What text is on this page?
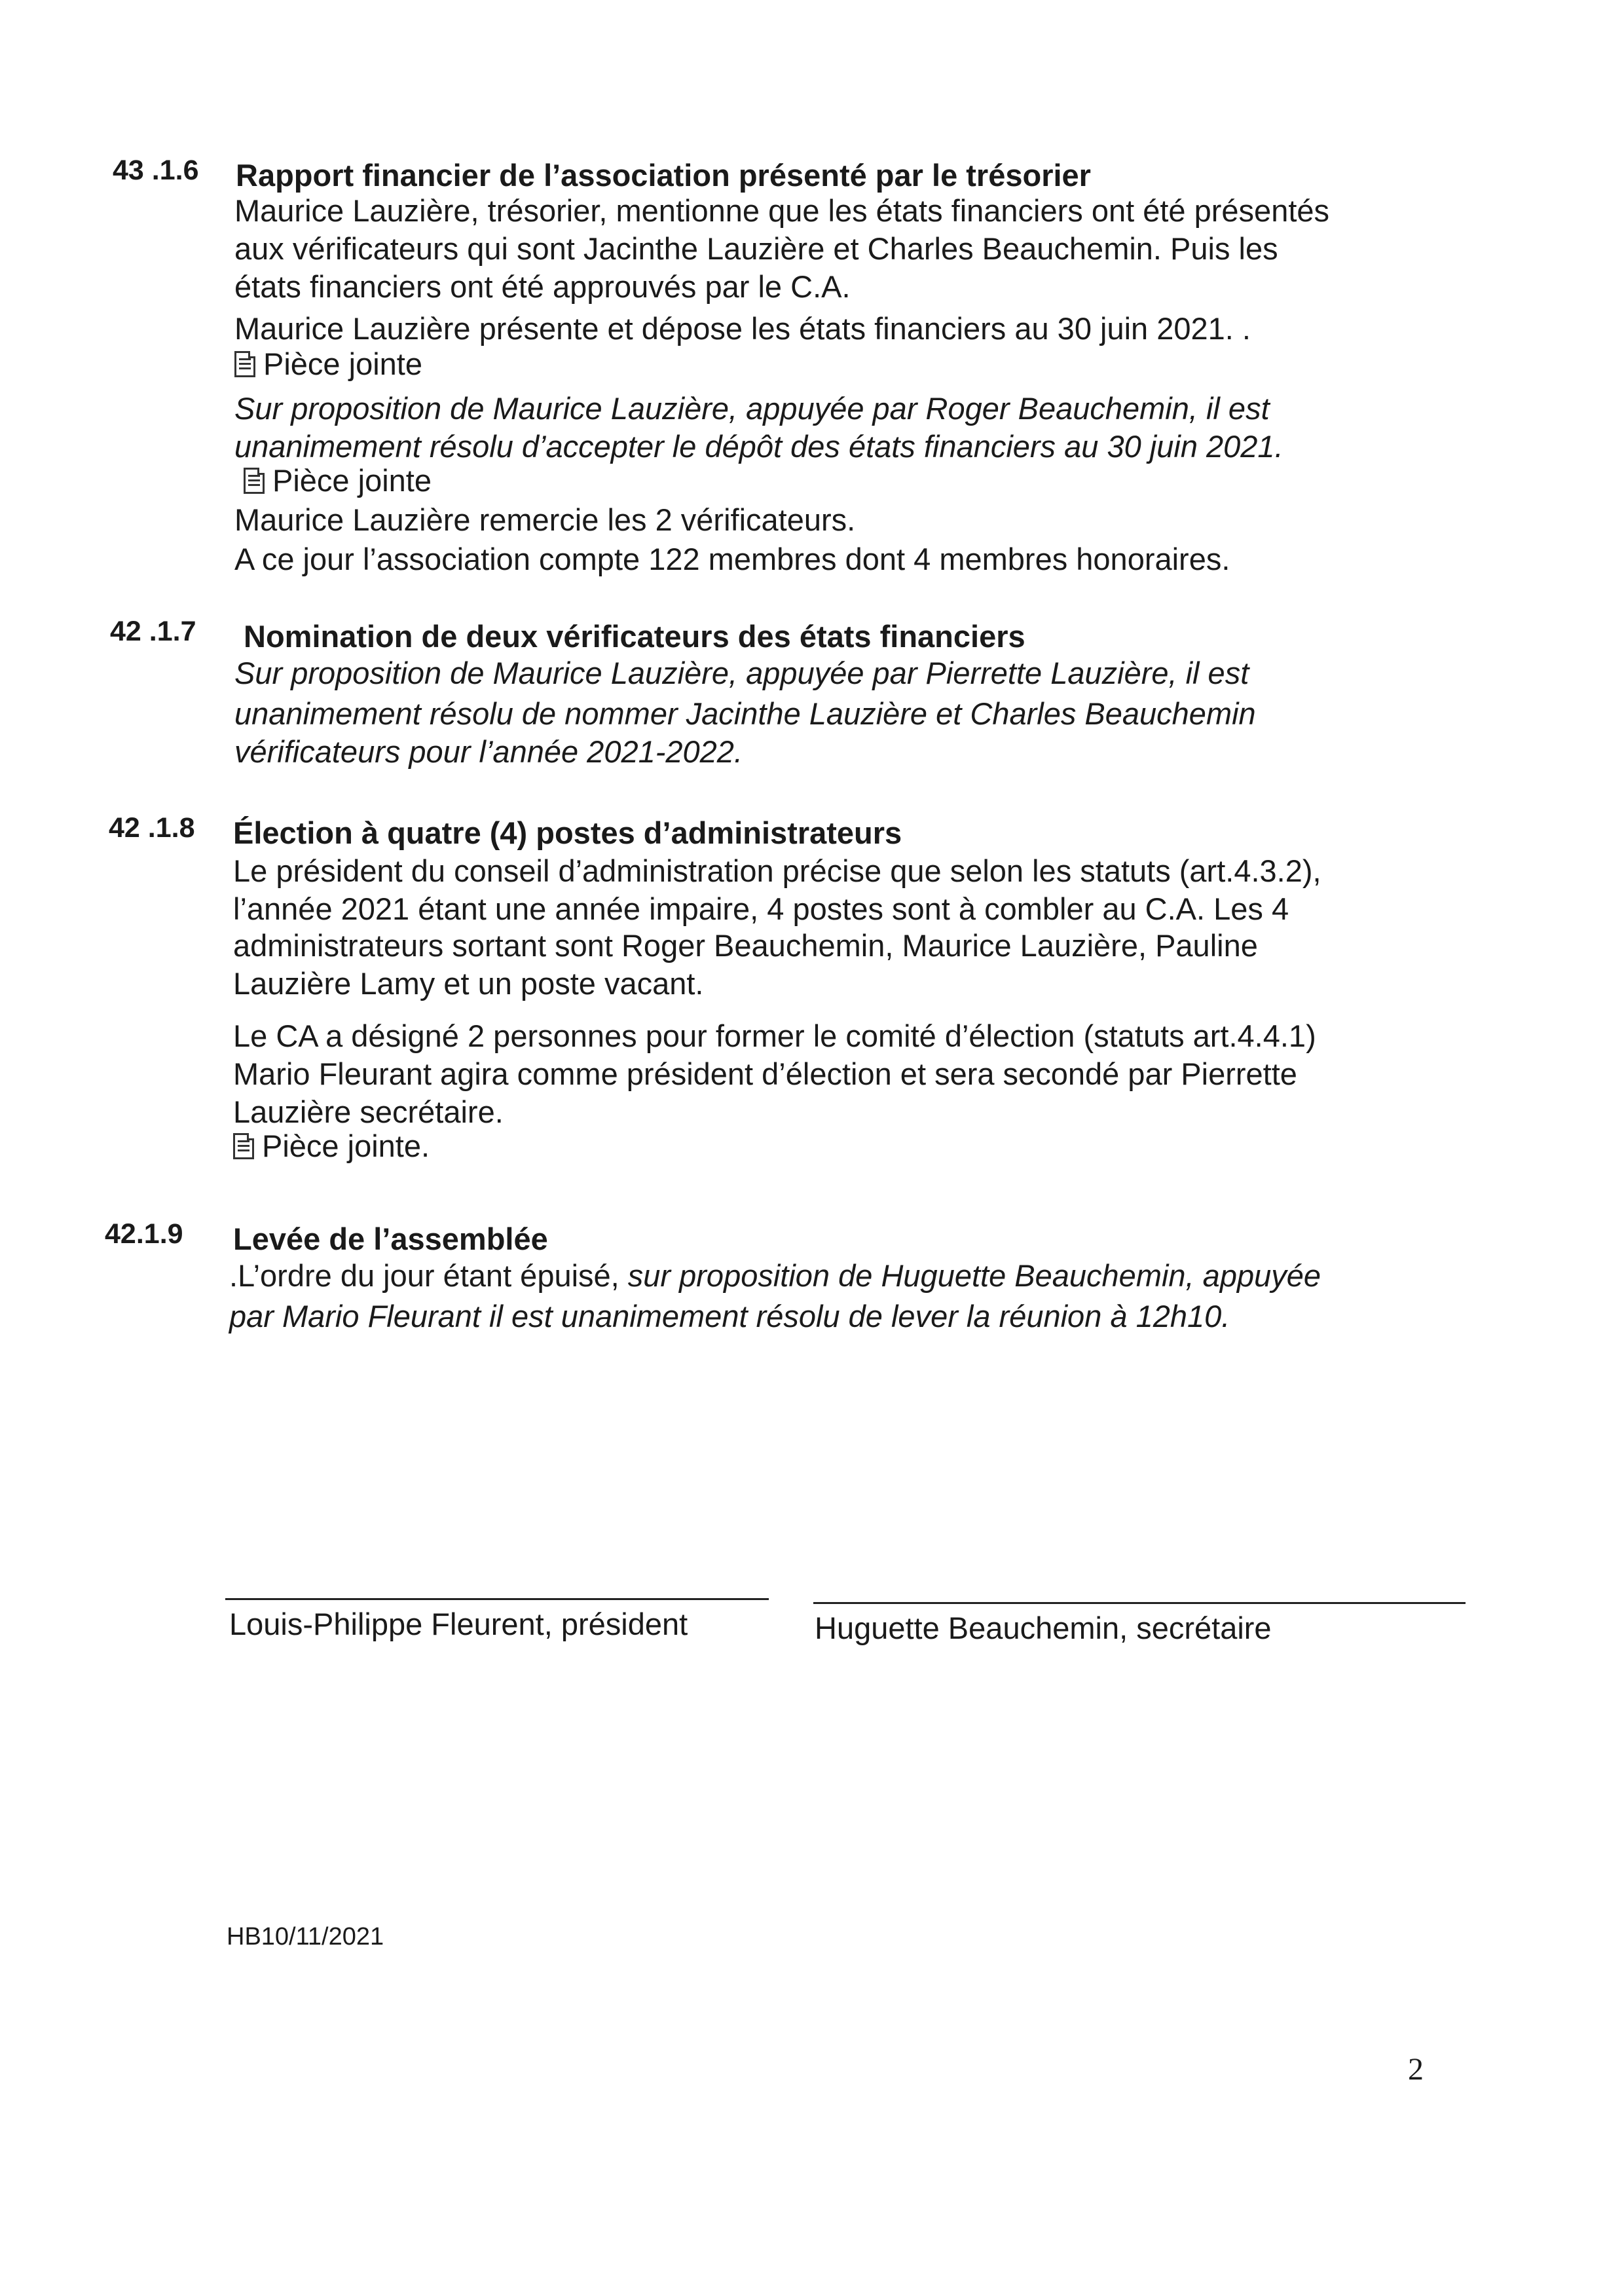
43 .1.6 Rapport financier de l’association présenté par le trésorier
Maurice Lauzière, trésorier, mentionne que les états financiers ont été présentés
aux vérificateurs qui sont Jacinthe Lauzière et Charles Beauchemin. Puis les
états financiers ont été approuvés par le C.A.
Maurice Lauzière présente et dépose les états financiers au 30 juin 2021. .
Pièce jointe
Sur proposition de Maurice Lauzière, appuyée par Roger Beauchemin, il est
unanimement résolu d’accepter le dépôt des états financiers au 30 juin 2021.
Pièce jointe
Maurice Lauzière remercie les 2 vérificateurs.
A ce jour l’association compte 122 membres dont 4 membres honoraires.
42 .1.7 Nomination de deux vérificateurs des états financiers
Sur proposition de Maurice Lauzière, appuyée par Pierrette Lauzière, il est
unanimement résolu de nommer Jacinthe Lauzière et Charles Beauchemin
vérificateurs pour l’année 2021-2022.
42 .1.8 Élection à quatre (4) postes d’administrateurs
Le président du conseil d’administration précise que selon les statuts (art.4.3.2),
l’année 2021 étant une année impaire, 4 postes sont à combler au C.A. Les 4
administrateurs sortant sont Roger Beauchemin, Maurice Lauzière, Pauline
Lauzière Lamy et un poste vacant.
Le CA a désigné 2 personnes pour former le comité d’élection (statuts art.4.4.1)
Mario Fleurant agira comme président d’élection et sera secondé par Pierrette
Lauzière secrétaire.
Pièce jointe.
42.1.9 Levée de l’assemblée
.L’ordre du jour étant épuisé, sur proposition de Huguette Beauchemin, appuyée
par Mario Fleurant il est unanimement résolu de lever la réunion à 12h10.
Louis-Philippe Fleurent, président	Huguette Beauchemin, secrétaire
HB10/11/2021
2
